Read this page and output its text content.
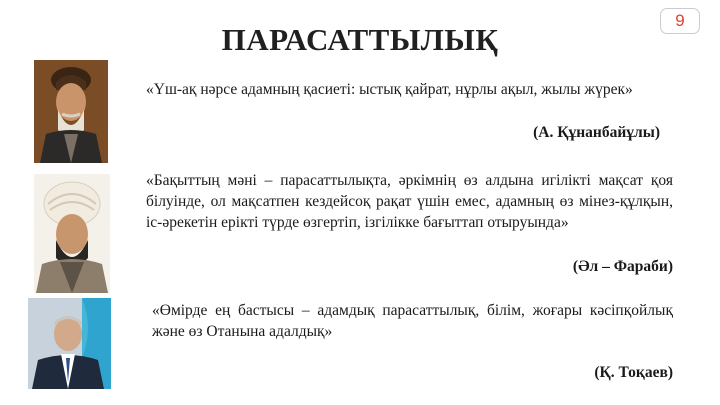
ПАРАСАТТЫЛЫҚ
9
«Үш-ақ нәрсе адамның қасиеті: ыстық қайрат, нұрлы ақыл, жылы жүрек»
(А. Құнанбайұлы)
«Бақыттың мәні – парасаттылықта, әркімнің өз алдына игілікті мақсат қоя білуінде, ол мақсатпен кездейсоқ рақат үшін емес, адамның өз мінез-құлқын, іс-әрекетін ерікті түрде өзгертіп, ізгілікке бағыттап отыруында»
(Әл – Фараби)
«Өмірде ең бастысы – адамдық парасаттылық, білім, жоғары кәсіпқойлық және өз Отанына адалдық»
(Қ. Тоқаев)
